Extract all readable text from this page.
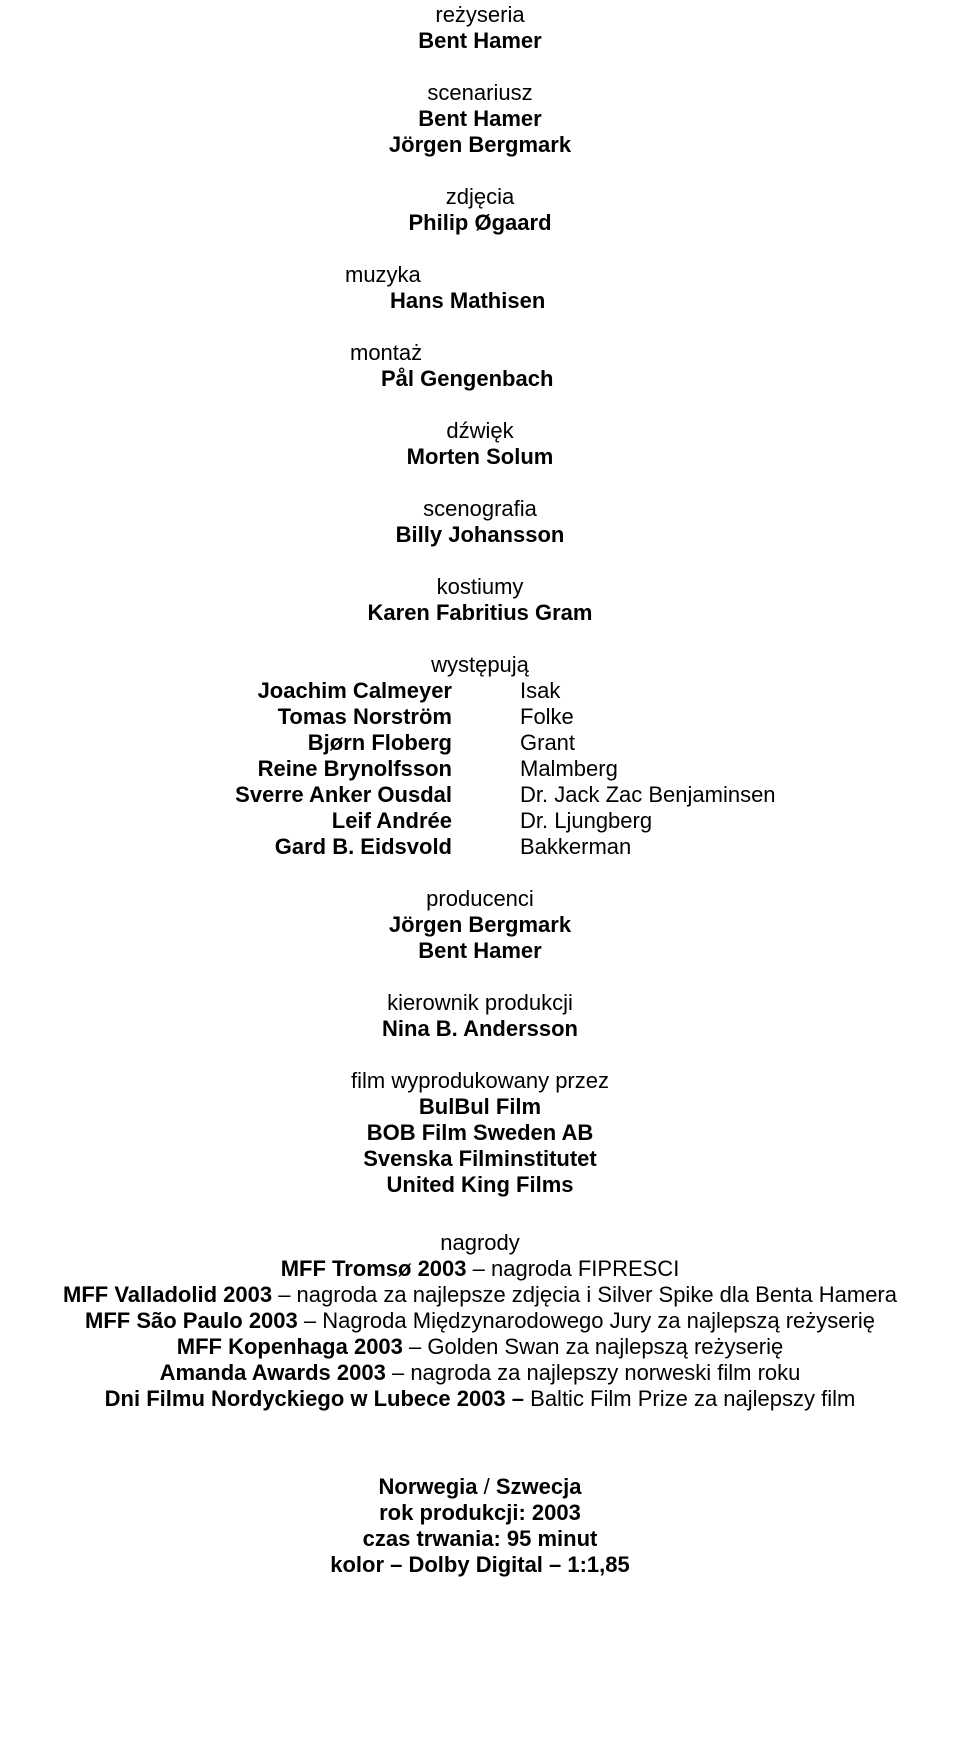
reżyseria
Bent Hamer
scenariusz
Bent Hamer
Jörgen Bergmark
zdjęcia
Philip Øgaard
muzyka
Hans Mathisen
montaż
Pål Gengenbach
dźwięk
Morten Solum
scenografia
Billy Johansson
kostiumy
Karen Fabritius Gram
występują
Joachim Calmeyer	Isak
Tomas Norström	Folke
Bjørn Floberg	Grant
Reine Brynolfsson	Malmberg
Sverre Anker Ousdal	Dr. Jack Zac Benjaminsen
Leif Andrée	Dr. Ljungberg
Gard B. Eidsvold	Bakkerman
producenci
Jörgen Bergmark
Bent Hamer
kierownik produkcji
Nina B. Andersson
film wyprodukowany przez
BulBul Film
BOB Film Sweden AB
Svenska Filminstitutet
United King Films
nagrody
MFF Tromsø 2003 – nagroda FIPRESCI
MFF Valladolid 2003 – nagroda za najlepsze zdjęcia i Silver Spike dla Benta Hamera
MFF São Paulo 2003 – Nagroda Międzynarodowego Jury za najlepszą reżyserię
MFF Kopenhaga 2003 – Golden Swan za najlepszą reżyserię
Amanda Awards 2003 – nagroda za najlepszy norweski film roku
Dni Filmu Nordyckiego w Lubece 2003 – Baltic Film Prize za najlepszy film
Norwegia / Szwecja
rok produkcji: 2003
czas trwania: 95 minut
kolor – Dolby Digital – 1:1,85
